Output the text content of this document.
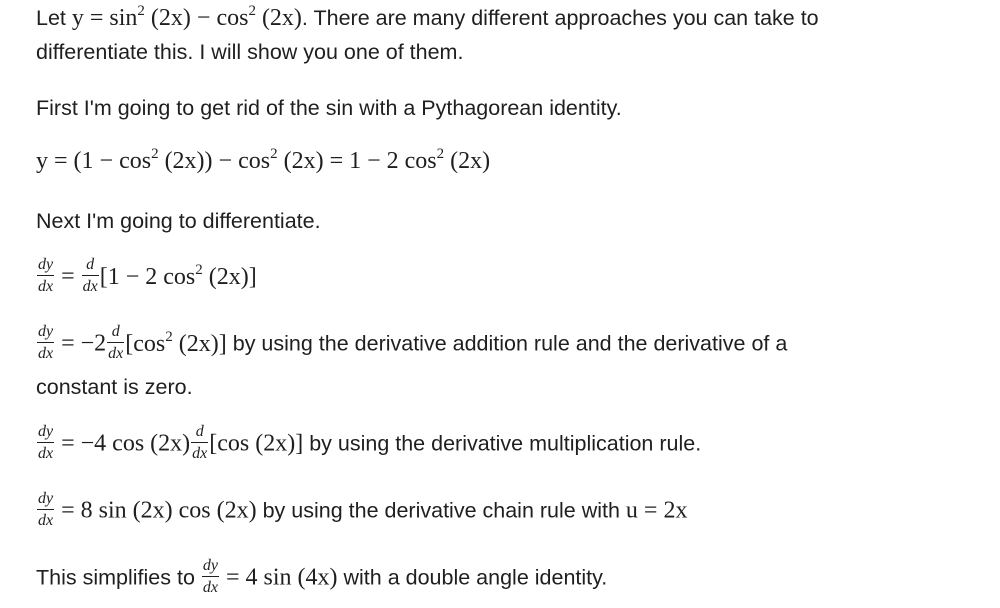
Let $y = \sin^2 (2x) - \cos^2 (2x)$. There are many different approaches you can take to
differentiate this. I will show you one of them.
First I'm going to get rid of the sin with a Pythagorean identity.
$y = (1 - \cos^2 (2x)) - \cos^2 (2x) = 1 - 2$ $\cos^2 (2x)$
Next I'm going to differentiate.
$\frac{dy}{dx} = \frac{d}{dx} [1 - 2$ $\cos^2 (2x)$]
$\frac{dy}{dx} = -2 \frac{d}{dx} [\cos^2$ (2x)] by using the derivative addition rule and the derivative of a
constant is zero.
$\frac{dy}{dx} = -4$ $\cos (2x) \frac{d}{dx} [\cos$ (2x)] by using the derivative multiplication rule.
$\frac{dy}{dx} = 8$ sin (2x) cos (2x) by using the derivative chain rule with u = 2x
This simplifies to $\frac{dy}{dx} = 4$ sin (4x) with a double angle identity.
